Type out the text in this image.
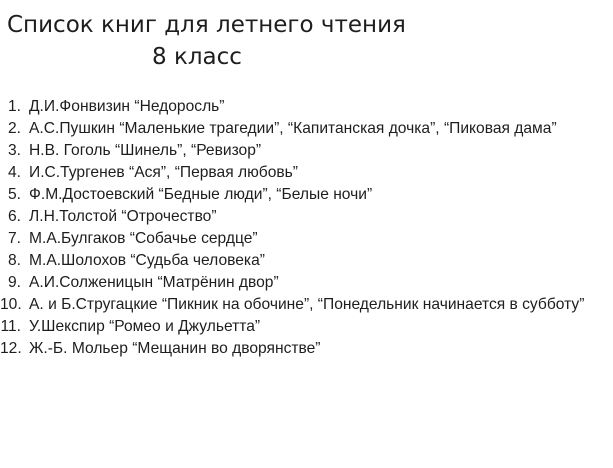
Список книг для летнего чтения
8 класс
1. Д.И.Фонвизин “Недоросль”
2. А.С.Пушкин “Маленькие трагедии”, “Капитанская дочка”, “Пиковая дама”
3. Н.В. Гоголь “Шинель”, “Ревизор”
4. И.С.Тургенев “Ася”, “Первая любовь”
5. Ф.М.Достоевский “Бедные люди”, “Белые ночи”
6. Л.Н.Толстой “Отрочество”
7. М.А.Булгаков “Собачье сердце”
8. М.А.Шолохов “Судьба человека”
9. А.И.Солженицын “Матрёнин двор”
10. А. и Б.Стругацкие “Пикник на обочине”, “Понедельник начинается в субботу”
11. У.Шекспир “Ромео и Джульетта”
12. Ж.-Б. Мольер “Мещанин во дворянстве”
